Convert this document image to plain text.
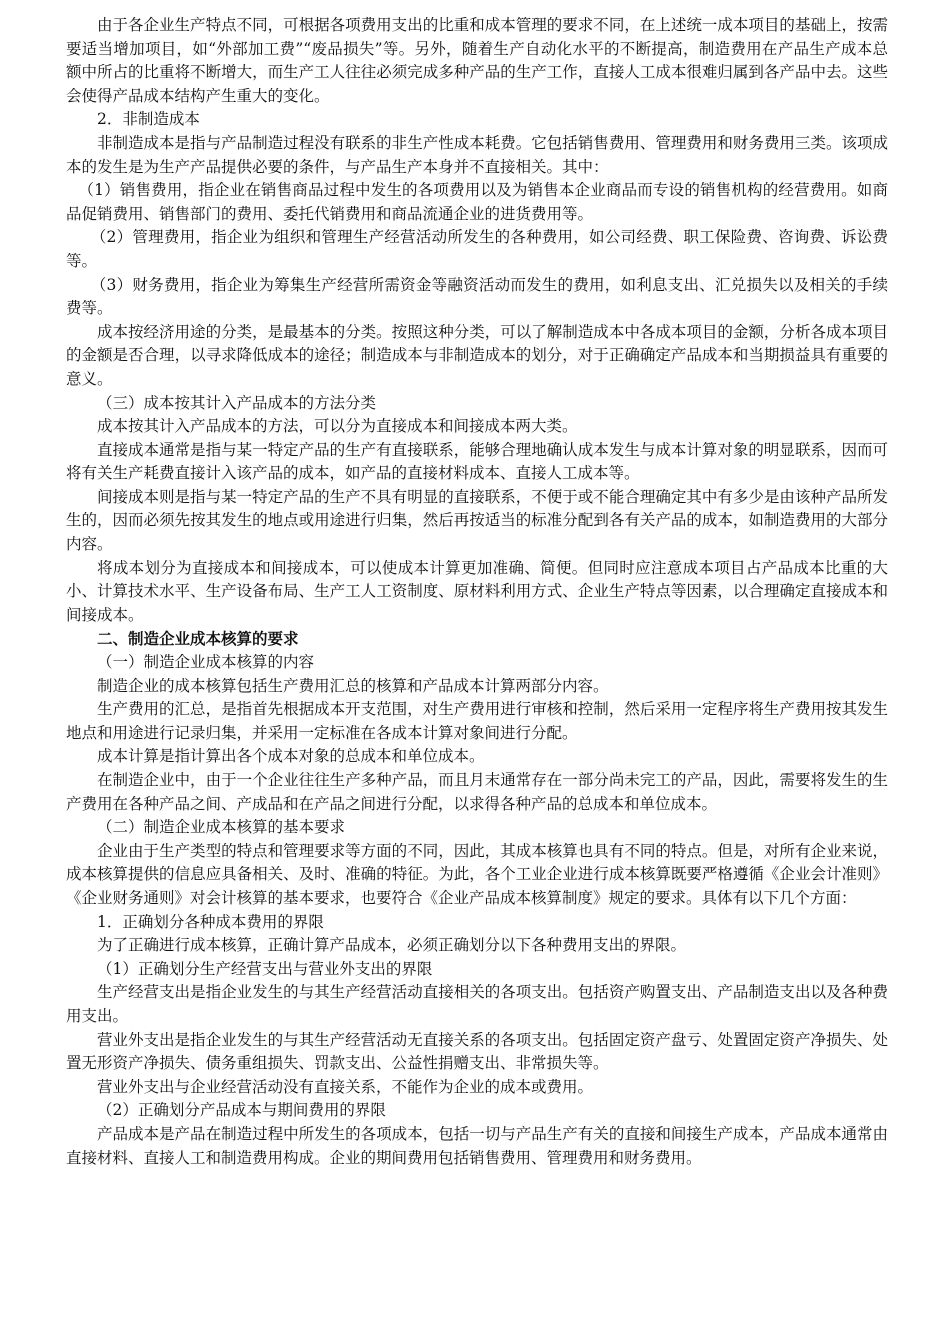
由于各企业生产特点不同，可根据各项费用支出的比重和成本管理的要求不同，在上述统一成本项目的基础上，按需要适当增加项目，如“外部加工费”“废品损失”等。另外，随着生产自动化水平的不断提高，制造费用在产品生产成本总额中所占的比重将不断增大，而生产工人往往必须完成多种产品的生产工作，直接人工成本很难归属到各产品中去。这些会使得产品成本结构产生重大的变化。

2．非制造成本

非制造成本是指与产品制造过程没有联系的非生产性成本耗费。它包括销售费用、管理费用和财务费用三类。该项成本的发生是为生产产品提供必要的条件，与产品生产本身并不直接相关。其中：

（1）销售费用，指企业在销售商品过程中发生的各项费用以及为销售本企业商品而专设的销售机构的经营费用。如商品促销费用、销售部门的费用、委托代销费用和商品流通企业的进货费用等。

（2）管理费用，指企业为组织和管理生产经营活动所发生的各种费用，如公司经费、职工保险费、咨询费、诉讼费等。

（3）财务费用，指企业为筹集生产经营所需资金等融资活动而发生的费用，如利息支出、汇兑损失以及相关的手续费等。

成本按经济用途的分类，是最基本的分类。按照这种分类，可以了解制造成本中各成本项目的金额，分析各成本项目的金额是否合理，以寻求降低成本的途径；制造成本与非制造成本的划分，对于正确确定产品成本和当期损益具有重要的意义。

（三）成本按其计入产品成本的方法分类

成本按其计入产品成本的方法，可以分为直接成本和间接成本两大类。

直接成本通常是指与某一特定产品的生产有直接联系，能够合理地确认成本发生与成本计算对象的明显联系，因而可将有关生产耗费直接计入该产品的成本，如产品的直接材料成本、直接人工成本等。

间接成本则是指与某一特定产品的生产不具有明显的直接联系，不便于或不能合理确定其中有多少是由该种产品所发生的，因而必须先按其发生的地点或用途进行归集，然后再按适当的标准分配到各有关产品的成本，如制造费用的大部分内容。

将成本划分为直接成本和间接成本，可以使成本计算更加准确、简便。但同时应注意成本项目占产品成本比重的大小、计算技术水平、生产设备布局、生产工人工资制度、原材料利用方式、企业生产特点等因素，以合理确定直接成本和间接成本。

二、制造企业成本核算的要求

（一）制造企业成本核算的内容

制造企业的成本核算包括生产费用汇总的核算和产品成本计算两部分内容。

生产费用的汇总，是指首先根据成本开支范围，对生产费用进行审核和控制，然后采用一定程序将生产费用按其发生地点和用途进行记录归集，并采用一定标准在各成本计算对象间进行分配。

成本计算是指计算出各个成本对象的总成本和单位成本。

在制造企业中，由于一个企业往往生产多种产品，而且月末通常存在一部分尚未完工的产品，因此，需要将发生的生产费用在各种产品之间、产成品和在产品之间进行分配，以求得各种产品的总成本和单位成本。

（二）制造企业成本核算的基本要求

企业由于生产类型的特点和管理要求等方面的不同，因此，其成本核算也具有不同的特点。但是，对所有企业来说，成本核算提供的信息应具备相关、及时、准确的特征。为此，各个工业企业进行成本核算既要严格遵循《企业会计准则》《企业财务通则》对会计核算的基本要求，也要符合《企业产品成本核算制度》规定的要求。具体有以下几个方面：

1．正确划分各种成本费用的界限

为了正确进行成本核算，正确计算产品成本，必须正确划分以下各种费用支出的界限。

（1）正确划分生产经营支出与营业外支出的界限

生产经营支出是指企业发生的与其生产经营活动直接相关的各项支出。包括资产购置支出、产品制造支出以及各种费用支出。

营业外支出是指企业发生的与其生产经营活动无直接关系的各项支出。包括固定资产盘亏、处置固定资产净损失、处置无形资产净损失、债务重组损失、罚款支出、公益性捐赠支出、非常损失等。

营业外支出与企业经营活动没有直接关系，不能作为企业的成本或费用。

（2）正确划分产品成本与期间费用的界限

产品成本是产品在制造过程中所发生的各项成本，包括一切与产品生产有关的直接和间接生产成本，产品成本通常由直接材料、直接人工和制造费用构成。企业的期间费用包括销售费用、管理费用和财务费用。
